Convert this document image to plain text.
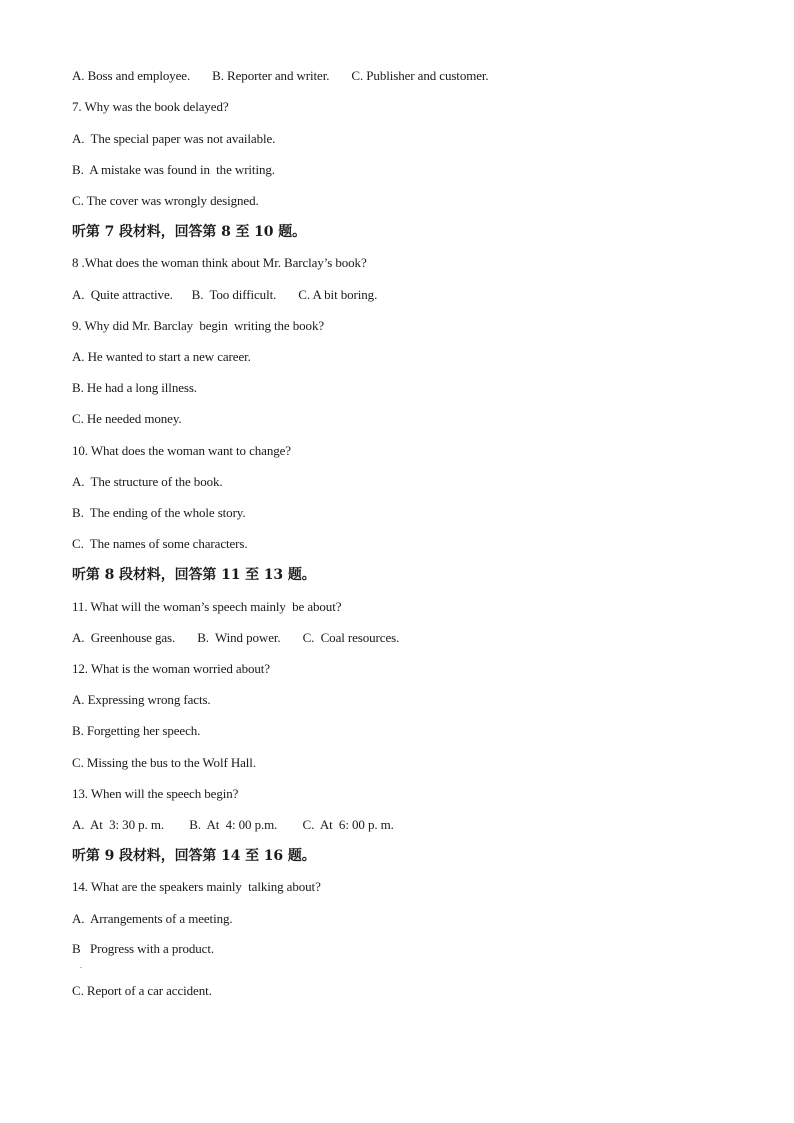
A. Boss and employee.       B. Reporter and writer.       C. Publisher and customer.
7. Why was the book delayed?
A.  The special paper was not available.
B.  A mistake was found in  the writing.
C. The cover was wrongly designed.
听第 7 段材料，回答第 8 至 10 题。
8 .What does the woman think about Mr. Barclay’s book?
A.  Quite attractive.      B.  Too difficult.       C. A bit boring.
9. Why did Mr. Barclay  begin  writing the book?
A. He wanted to start a new career.
B. He had a long illness.
C. He needed money.
10. What does the woman want to change?
A.  The structure of the book.
B.  The ending of the whole story.
C.  The names of some characters.
听第 8 段材料，回答第 11 至 13 题。
11. What will the woman’s speech mainly  be about?
A.  Greenhouse gas.       B.  Wind power.       C.  Coal resources.
12. What is the woman worried about?
A. Expressing wrong facts.
B. Forgetting her speech.
C. Missing the bus to the Wolf Hall.
13. When will the speech begin?
A.  At  3: 30 p. m.        B.  At  4: 00 p.m.        C.  At  6: 00 p. m.
听第 9 段材料，回答第 14 至 16 题。
14. What are the speakers mainly  talking about?
A.  Arrangements of a meeting.
B   Progress with a product.
.
C. Report of a car accident.
